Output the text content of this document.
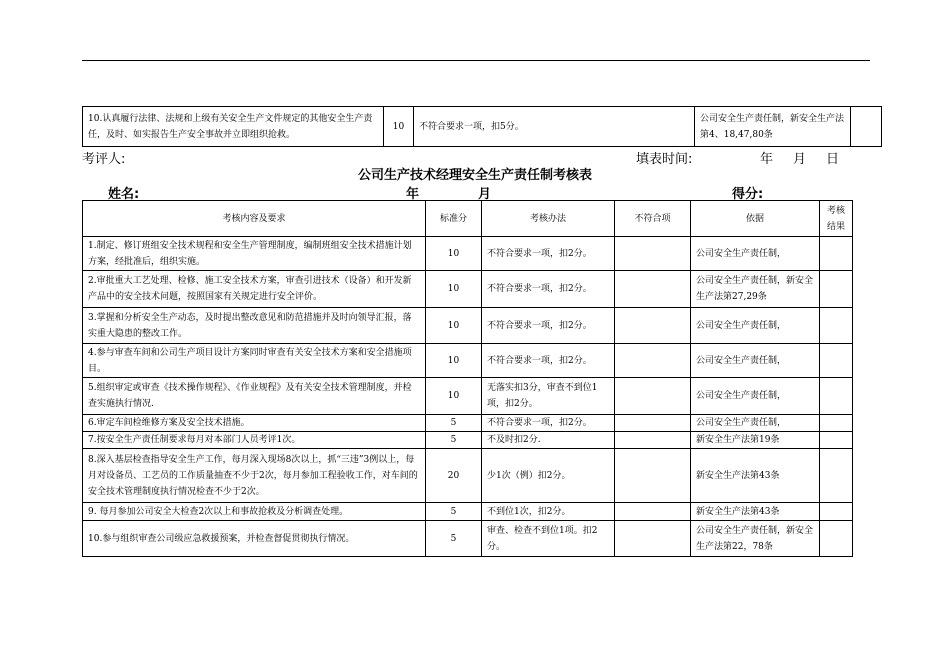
10.认真履行法律、法规和上级有关安全生产文件规定的其他安全生产责任，及时、如实报告生产安全事故并立即组织抢救。	10	不符合要求一项，扣5分。	公司安全生产责任制，新安全生产法第4、18,47,80条	
考评人:	填表时间:	年 月 日
公司生产技术经理安全生产责任制考核表
姓名:	年	月	得分:
考核内容及要求	标准分	考核办法	不符合项	依据	考核结果
1.制定、修订班组安全技术规程和安全生产管理制度，编制班组安全技术措施计划方案，经批准后，组织实施。	10	不符合要求一项，扣2分。		公司安全生产责任制，	
2.审批重大工艺处理、检修、施工安全技术方案，审查引进技术（设备）和开发新产品中的安全技术问题，按照国家有关规定进行安全评价。	10	不符合要求一项，扣2分。		公司安全生产责任制，新安全生产法第27,29条	
3.掌握和分析安全生产动态，及时提出整改意见和防范措施并及时向领导汇报，落实重大隐患的整改工作。	10	不符合要求一项，扣2分。		公司安全生产责任制，	
4.参与审查车间和公司生产项目设计方案同时审查有关安全技术方案和安全措施项目。	10	不符合要求一项，扣2分。		公司安全生产责任制，	
5.组织审定或审查《技术操作规程》、《作业规程》及有关安全技术管理制度，并检查实施执行情况.	10	无落实扣3分，审查不到位1项，扣2分。		公司安全生产责任制，	
6.审定车间检维修方案及安全技术措施。	5	不符合要求一项，扣2分。		公司安全生产责任制，	
7.按安全生产责任制要求每月对本部门人员考评1次。	5	不及时扣2分.		新安全生产法第19条	
8.深入基层检查指导安全生产工作，每月深入现场8次以上，抓“三违”3例以上，每月对设备员、工艺员的工作质量抽查不少于2次，每月参加工程验收工作，对车间的安全技术管理制度执行情况检查不少于2次。	20	少1次（例）扣2分。		新安全生产法第43条	
9. 每月参加公司安全大检查2次以上和事故抢救及分析调查处理。	5	不到位1次，扣2分。		新安全生产法第43条	
10.参与组织审查公司级应急救援预案，并检查督促贯彻执行情况。	5	审查、检查不到位1项。扣2分。		公司安全生产责任制，新安全生产法第22，78条	
